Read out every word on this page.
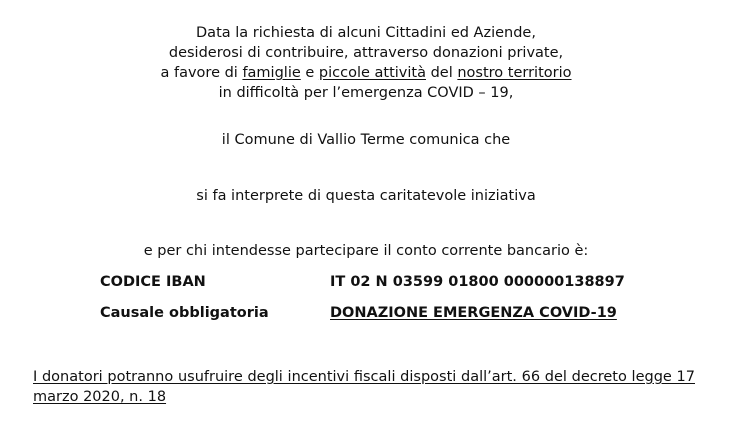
Data la richiesta di alcuni Cittadini ed Aziende,
desiderosi di contribuire, attraverso donazioni private,
a favore di famiglie e piccole attività del nostro territorio
in difficoltà per l’emergenza COVID – 19,
il Comune di Vallio Terme comunica che
si fa interprete di questa caritatevole iniziativa
e per chi intendesse partecipare il conto corrente bancario è:
CODICE IBAN	IT 02 N 03599 01800 000000138897
Causale obbligatoria	DONAZIONE EMERGENZA COVID-19
I donatori potranno usufruire degli incentivi fiscali disposti dall’art. 66 del decreto legge 17 marzo 2020, n. 18
